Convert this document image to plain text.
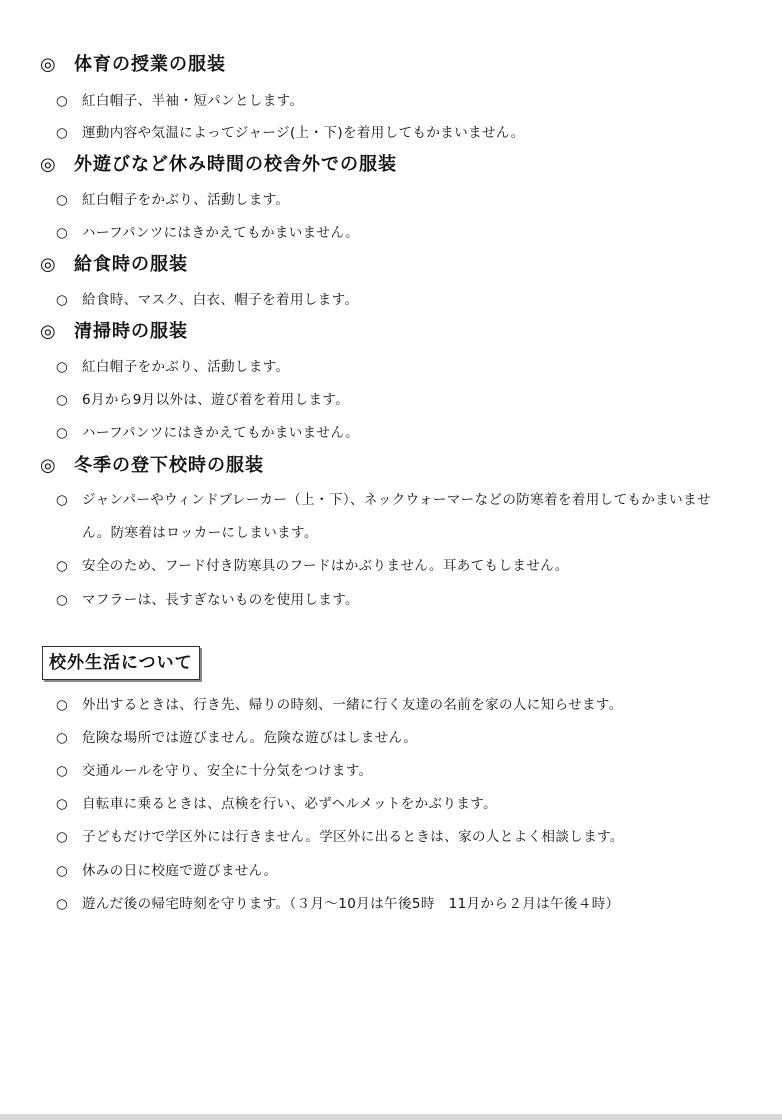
◎ 体育の授業の服装
○ 紅白帽子、半袖・短パンとします。
○ 運動内容や気温によってジャージ(上・下)を着用してもかまいません。
◎ 外遊びなど休み時間の校舎外での服装
○ 紅白帽子をかぶり、活動します。
○ ハーフパンツにはきかえてもかまいません。
◎ 給食時の服装
○ 給食時、マスク、白衣、帽子を着用します。
◎ 清掃時の服装
○ 紅白帽子をかぶり、活動します。
○ 6月から9月以外は、遊び着を着用します。
○ ハーフパンツにはきかえてもかまいません。
◎ 冬季の登下校時の服装
○ ジャンパーやウィンドブレーカー（上・下）、ネックウォーマーなどの防寒着を着用してもかまいませ
ん。防寒着はロッカーにしまいます。
○ 安全のため、フード付き防寒具のフードはかぶりません。耳あてもしません。
○ マフラーは、長すぎないものを使用します。
校外生活について
○ 外出するときは、行き先、帰りの時刻、一緒に行く友達の名前を家の人に知らせます。
○ 危険な場所では遊びません。危険な遊びはしません。
○ 交通ルールを守り、安全に十分気をつけます。
○ 自転車に乗るときは、点検を行い、必ずヘルメットをかぶります。
○ 子どもだけで学区外には行きません。学区外に出るときは、家の人とよく相談します。
○ 休みの日に校庭で遊びません。
○ 遊んだ後の帰宅時刻を守ります。（３月～10月は午後5時　11月から２月は午後４時）
